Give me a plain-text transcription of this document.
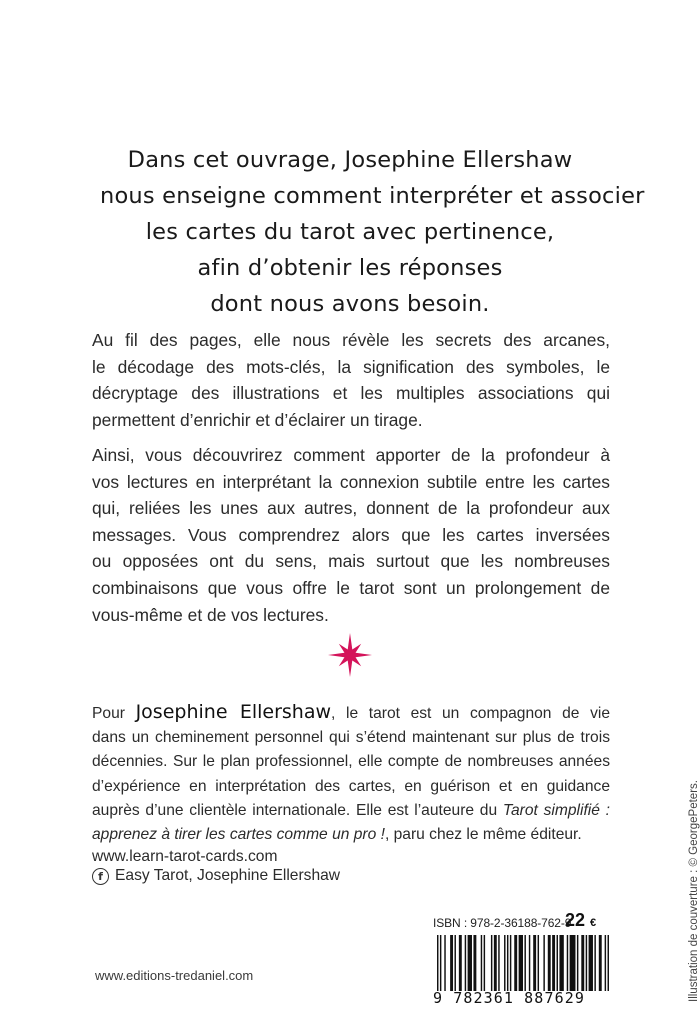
Dans cet ouvrage, Josephine Ellershaw
nous enseigne comment interpréter et associer
les cartes du tarot avec pertinence,
afin d’obtenir les réponses
dont nous avons besoin.
Au fil des pages, elle nous révèle les secrets des arcanes,
le décodage des mots-clés, la signification des symboles, le
décryptage des illustrations et les multiples associations qui
permettent d’enrichir et d’éclairer un tirage.
Ainsi, vous découvrirez comment apporter de la profondeur à
vos lectures en interprétant la connexion subtile entre les cartes
qui, reliées les unes aux autres, donnent de la profondeur aux
messages. Vous comprendrez alors que les cartes inversées
ou opposées ont du sens, mais surtout que les nombreuses
combinaisons que vous offre le tarot sont un prolongement de
vous-même et de vos lectures.
Pour Josephine Ellershaw, le tarot est un compagnon de vie
dans un cheminement personnel qui s’étend maintenant sur plus de trois
décennies. Sur le plan professionnel, elle compte de nombreuses années
d’expérience en interprétation des cartes, en guérison et en guidance
auprès d’une clientèle internationale. Elle est l’auteure du Tarot simplifié :
apprenez à tirer les cartes comme un pro !, paru chez le même éditeur.
www.learn-tarot-cards.com
f Easy Tarot, Josephine Ellershaw
www.editions-tredaniel.com
ISBN : 978-2-36188-762-9
22 €
9 782361 887629	Illustration de couverture : © GeorgePeters.
